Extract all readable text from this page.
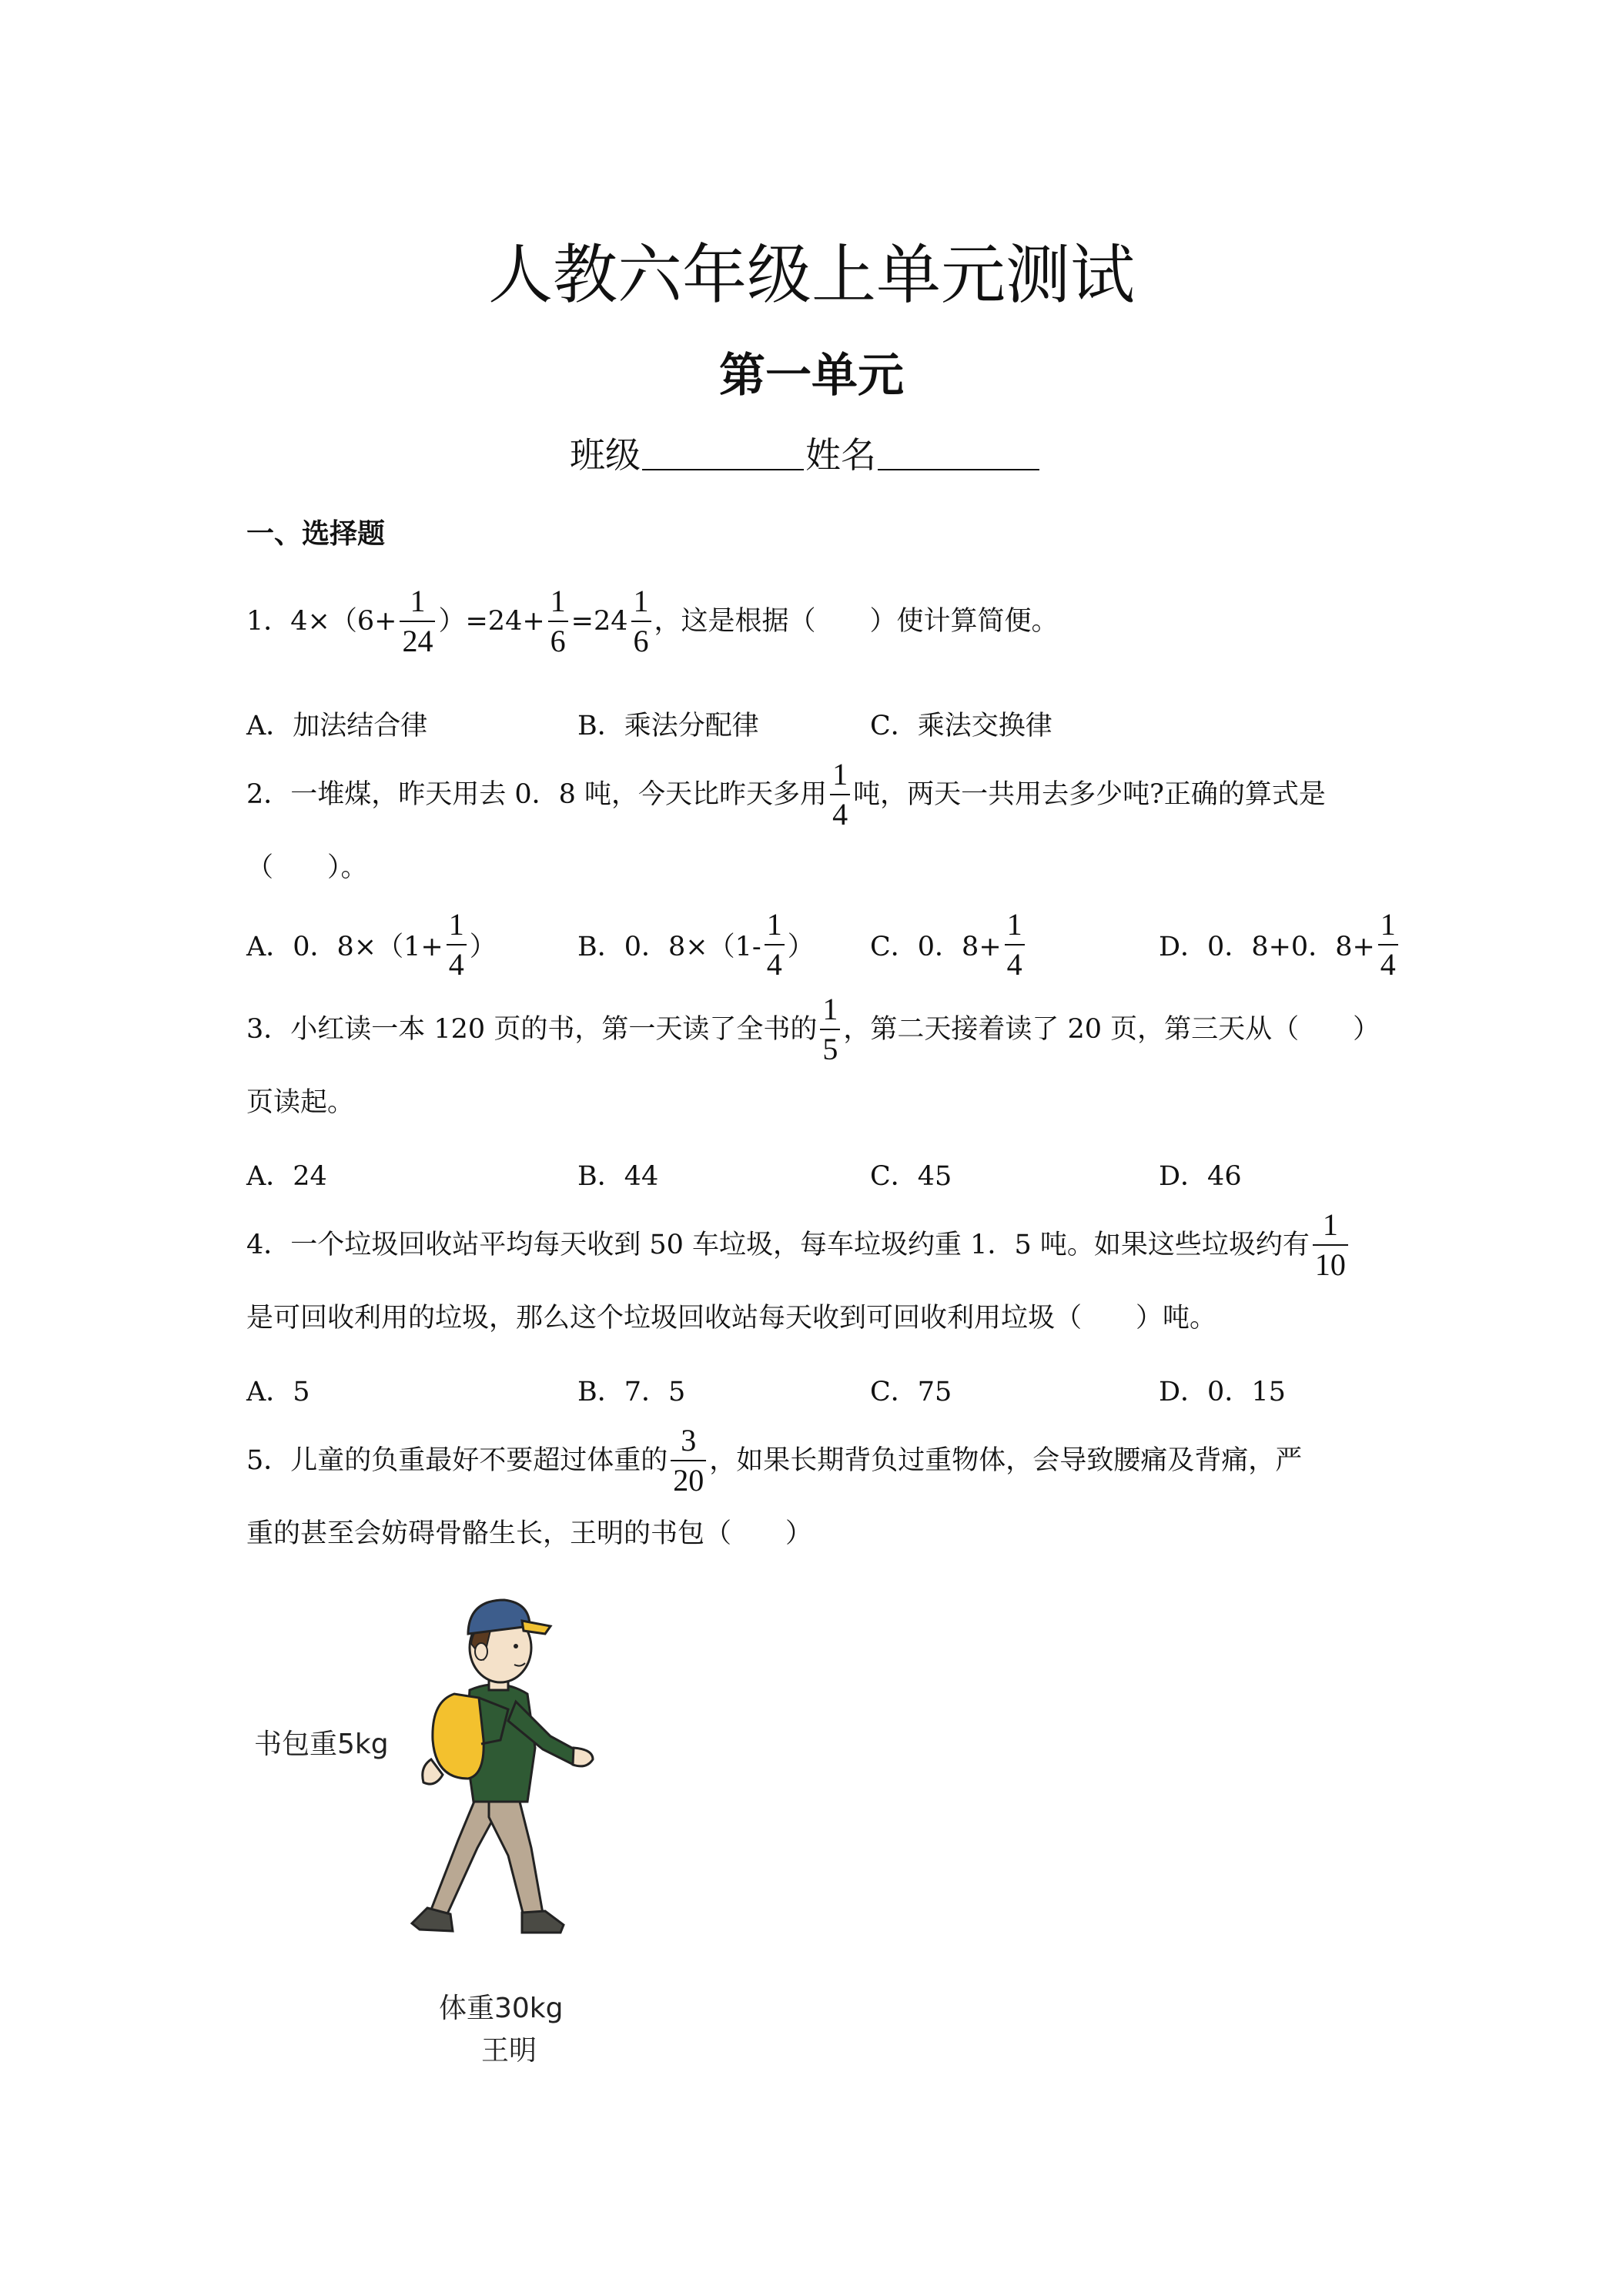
人教六年级上单元测试
第一单元
班级	姓名
一、选择题
1．$4\times(6+ \frac{1}{24} )=24+ \frac{1}{6} =24 \frac{1}{6}$ ，这是根据（　　）使计算简便。
A．加法结合律	B．乘法分配律	C．乘法交换律
2．一堆煤，昨天用去 0．8 吨，今天比昨天多用 $\frac{1}{4}$ 吨，两天一共用去多少吨?正确的算式是
（　　）。
A．0．$8\times(1+ \frac{1}{4}$ ）	B．0．$8\times(1- \frac{1}{4}$ ） C．0．$8+ \frac{1}{4}$	D．0．8+0．$8+ \frac{1}{4}$
3．小红读一本 120 页的书，第一天读了全书的 $\frac{1}{5}$ ，第二天接着读了 20 页，第三天从（　　）
页读起。
A．24	B．44	C．45	D．46
4．一个垃圾回收站平均每天收到 50 车垃圾，每车垃圾约重 1．5 吨。如果这些垃圾约有 $\frac{1}{10}$
是可回收利用的垃圾，那么这个垃圾回收站每天收到可回收利用垃圾（　　）吨。
A．5	B．7．5	C．75	D．0．15
5．儿童的负重最好不要超过体重的 $\frac{3}{20}$ ，如果长期背负过重物体，会导致腰痛及背痛，严
重的甚至会妨碍骨骼生长，王明的书包（　　）
书包重5kg
体重30kg
王明
